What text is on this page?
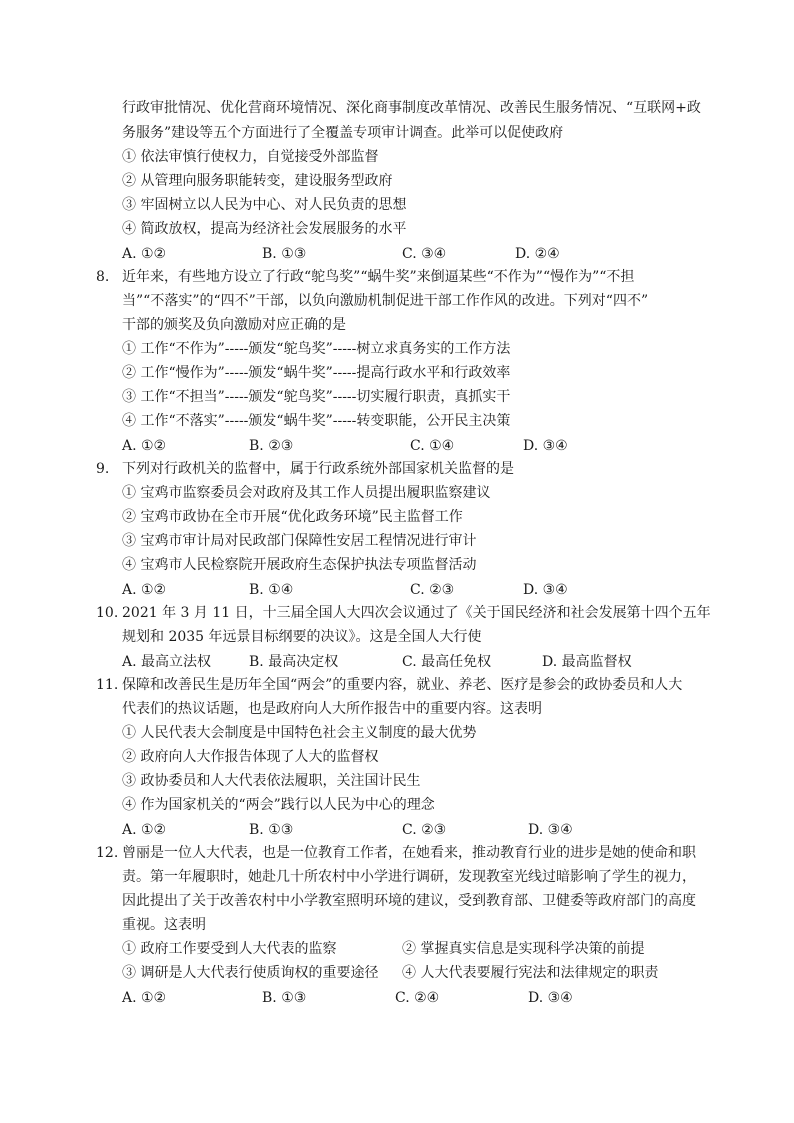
行政审批情况、优化营商环境情况、深化商事制度改革情况、改善民生服务情况、“互联网+政
务服务”建设等五个方面进行了全覆盖专项审计调查。此举可以促使政府
① 依法审慎行使权力，自觉接受外部监督
② 从管理向服务职能转变，建设服务型政府
③ 牢固树立以人民为中心、对人民负责的思想
④ 简政放权，提高为经济社会发展服务的水平
A. ①②	B. ①③	C. ③④	D. ②④
8. 近年来，有些地方设立了行政“鸵鸟奖”“蜗牛奖”来倒逼某些“不作为”“慢作为”“不担
当”“不落实”的“四不”干部，以负向激励机制促进干部工作作风的改进。下列对“四不”
干部的颁奖及负向激励对应正确的是
① 工作“不作为”-----颁发“鸵鸟奖”-----树立求真务实的工作方法
② 工作“慢作为”-----颁发“蜗牛奖”-----提高行政水平和行政效率
③ 工作“不担当”-----颁发“鸵鸟奖”-----切实履行职责，真抓实干
④ 工作“不落实”-----颁发“蜗牛奖”-----转变职能，公开民主决策
A. ①②	B. ②③	C. ①④	D. ③④
9. 下列对行政机关的监督中，属于行政系统外部国家机关监督的是
① 宝鸡市监察委员会对政府及其工作人员提出履职监察建议
② 宝鸡市政协在全市开展“优化政务环境”民主监督工作
③ 宝鸡市审计局对民政部门保障性安居工程情况进行审计
④ 宝鸡市人民检察院开展政府生态保护执法专项监督活动
A. ①②	B. ①④	C. ②③	D. ③④
10. 2021 年 3 月 11 日，十三届全国人大四次会议通过了《关于国民经济和社会发展第十四个五年
规划和 2035 年远景目标纲要的决议》。这是全国人大行使
A. 最高立法权	B. 最高决定权	C. 最高任免权	D. 最高监督权
11. 保障和改善民生是历年全国“两会”的重要内容，就业、养老、医疗是参会的政协委员和人大
代表们的热议话题，也是政府向人大所作报告中的重要内容。这表明
① 人民代表大会制度是中国特色社会主义制度的最大优势
② 政府向人大作报告体现了人大的监督权
③ 政协委员和人大代表依法履职，关注国计民生
④ 作为国家机关的“两会”践行以人民为中心的理念
A. ①②	B. ①③	C. ②③	D. ③④
12. 曾丽是一位人大代表，也是一位教育工作者，在她看来，推动教育行业的进步是她的使命和职
责。第一年履职时，她赴几十所农村中小学进行调研，发现教室光线过暗影响了学生的视力，
因此提出了关于改善农村中小学教室照明环境的建议，受到教育部、卫健委等政府部门的高度
重视。这表明
① 政府工作要受到人大代表的监察	② 掌握真实信息是实现科学决策的前提
③ 调研是人大代表行使质询权的重要途径 ④ 人大代表要履行宪法和法律规定的职责
A. ①②	B. ①③	C. ②④	D. ③④
